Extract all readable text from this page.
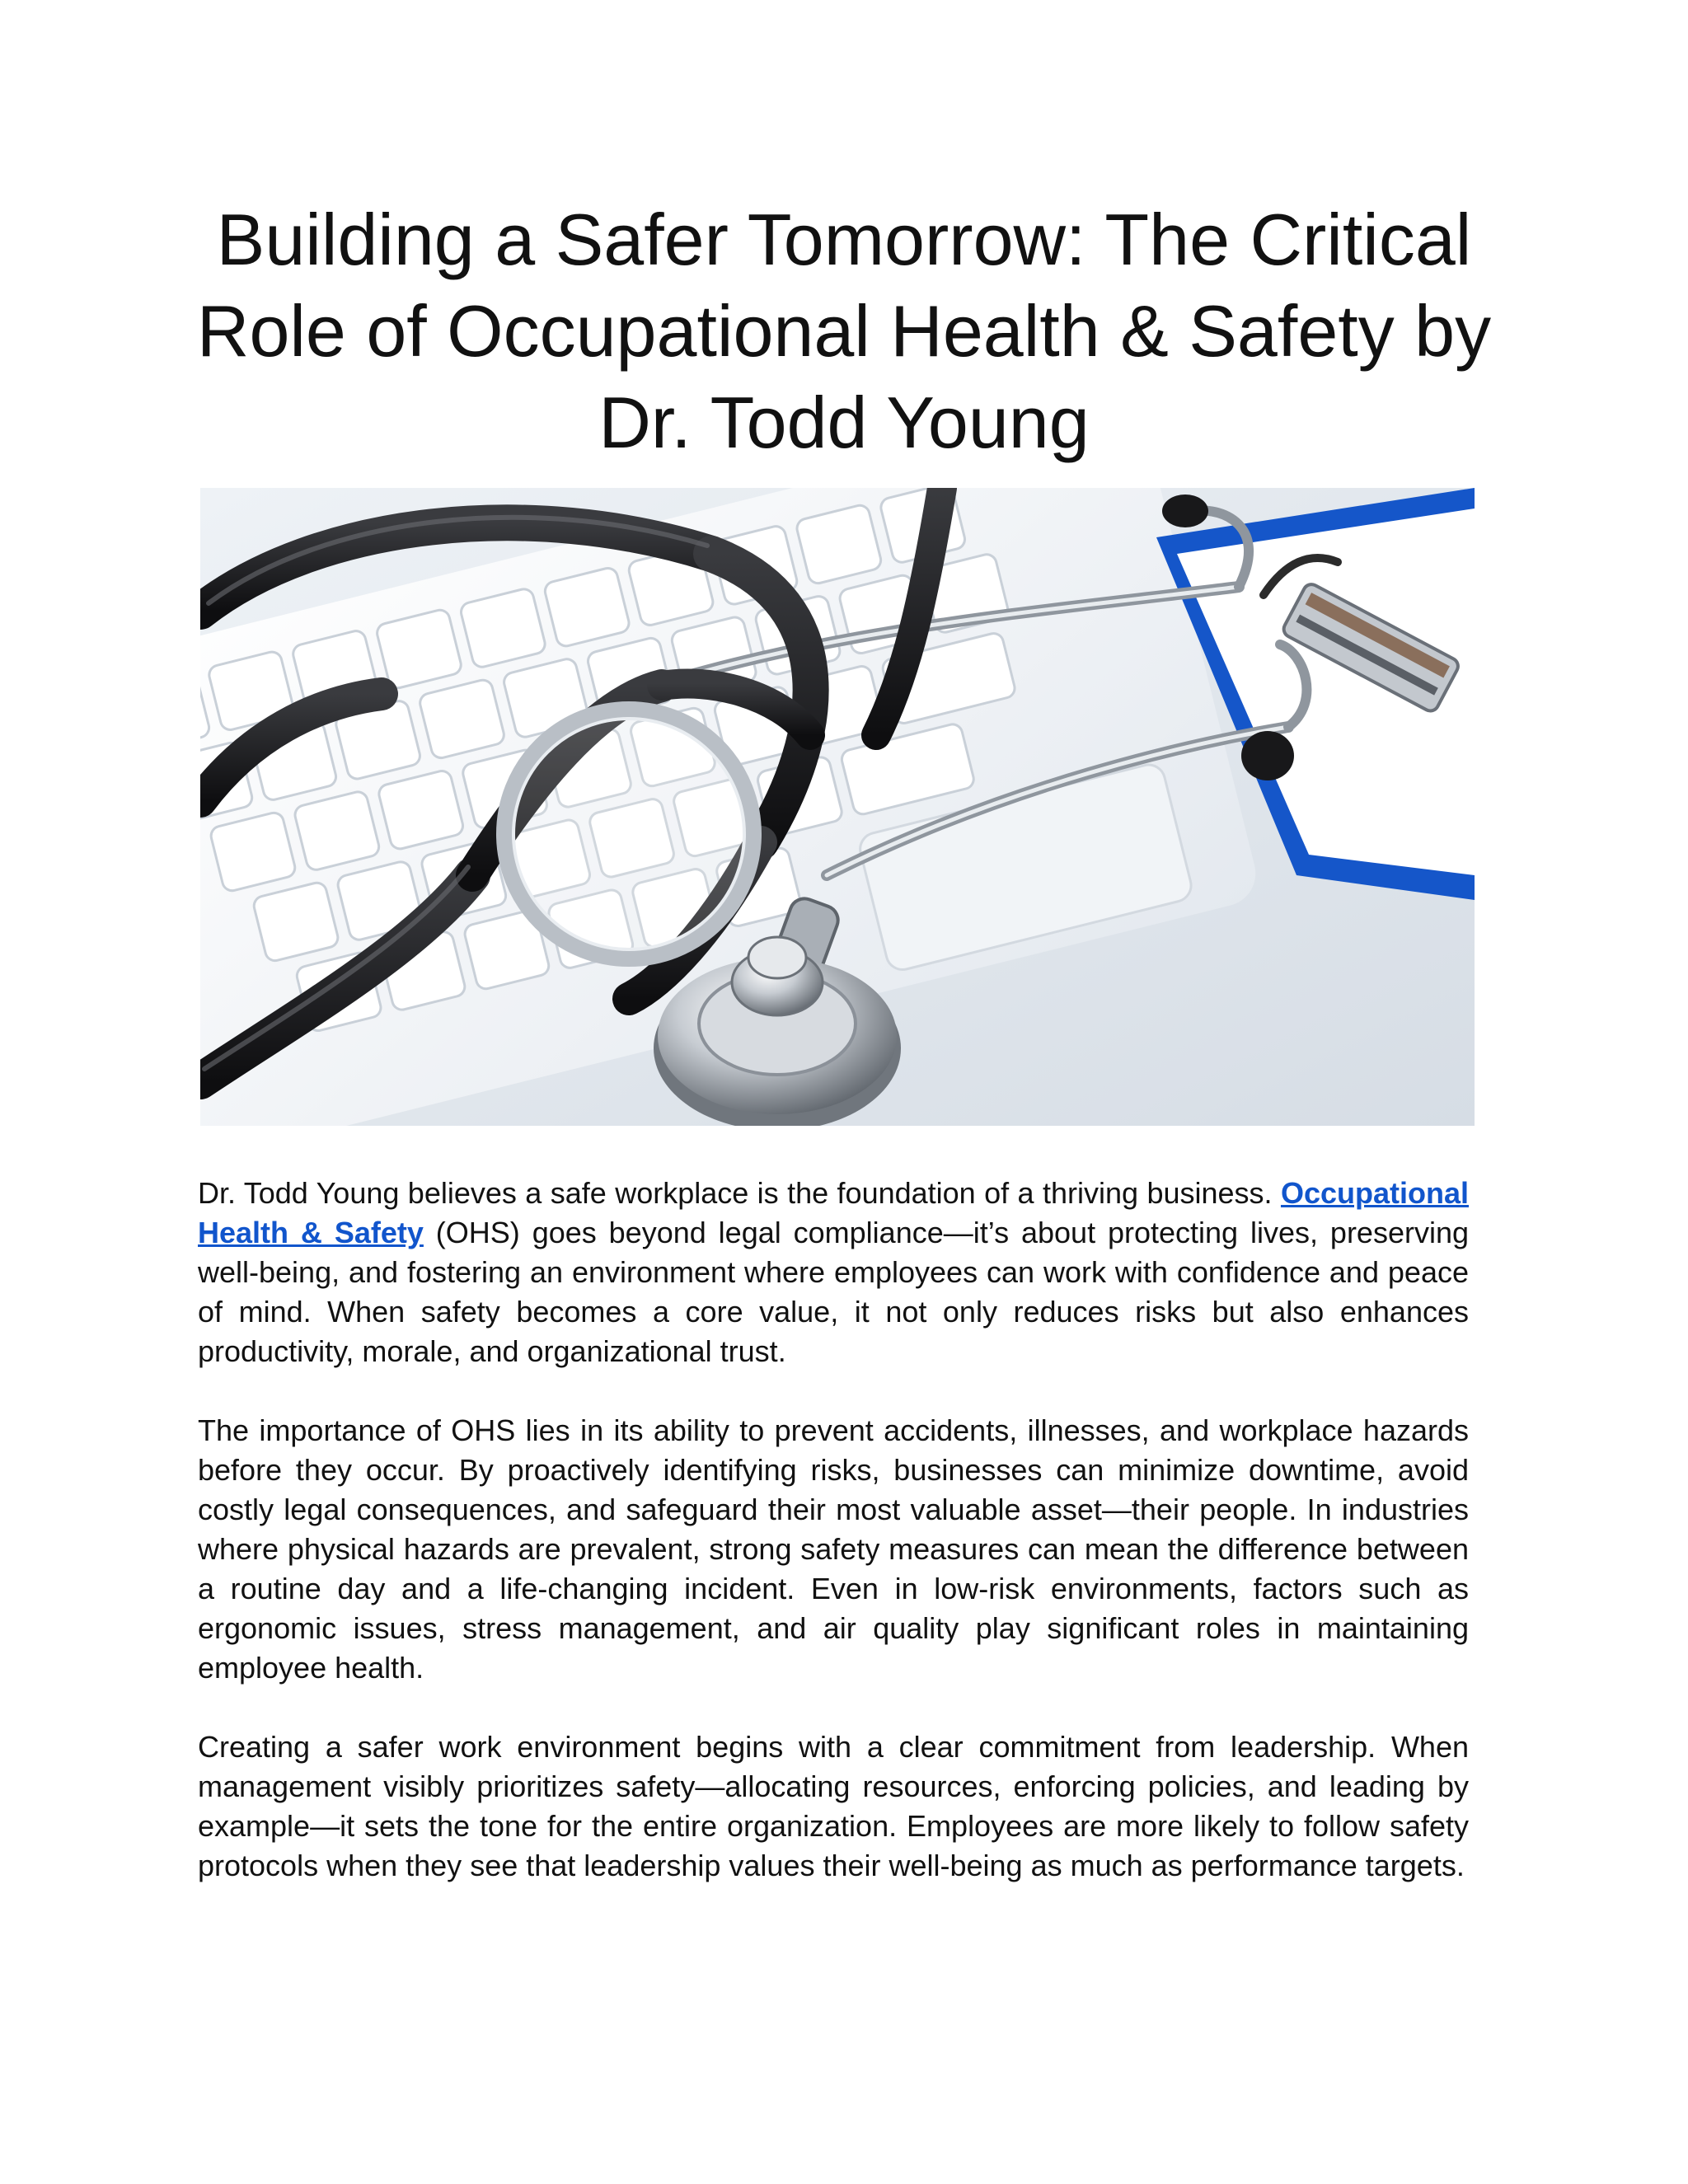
Building a Safer Tomorrow: The Critical Role of Occupational Health & Safety by Dr. Todd Young

Dr. Todd Young believes a safe workplace is the foundation of a thriving business. Occupational Health & Safety (OHS) goes beyond legal compliance—it’s about protecting lives, preserving well-being, and fostering an environment where employees can work with confidence and peace of mind. When safety becomes a core value, it not only reduces risks but also enhances productivity, morale, and organizational trust.

The importance of OHS lies in its ability to prevent accidents, illnesses, and workplace hazards before they occur. By proactively identifying risks, businesses can minimize downtime, avoid costly legal consequences, and safeguard their most valuable asset—their people. In industries where physical hazards are prevalent, strong safety measures can mean the difference between a routine day and a life-changing incident. Even in low-risk environments, factors such as ergonomic issues, stress management, and air quality play significant roles in maintaining employee health.

Creating a safer work environment begins with a clear commitment from leadership. When management visibly prioritizes safety—allocating resources, enforcing policies, and leading by example—it sets the tone for the entire organization. Employees are more likely to follow safety protocols when they see that leadership values their well-being as much as performance targets.
